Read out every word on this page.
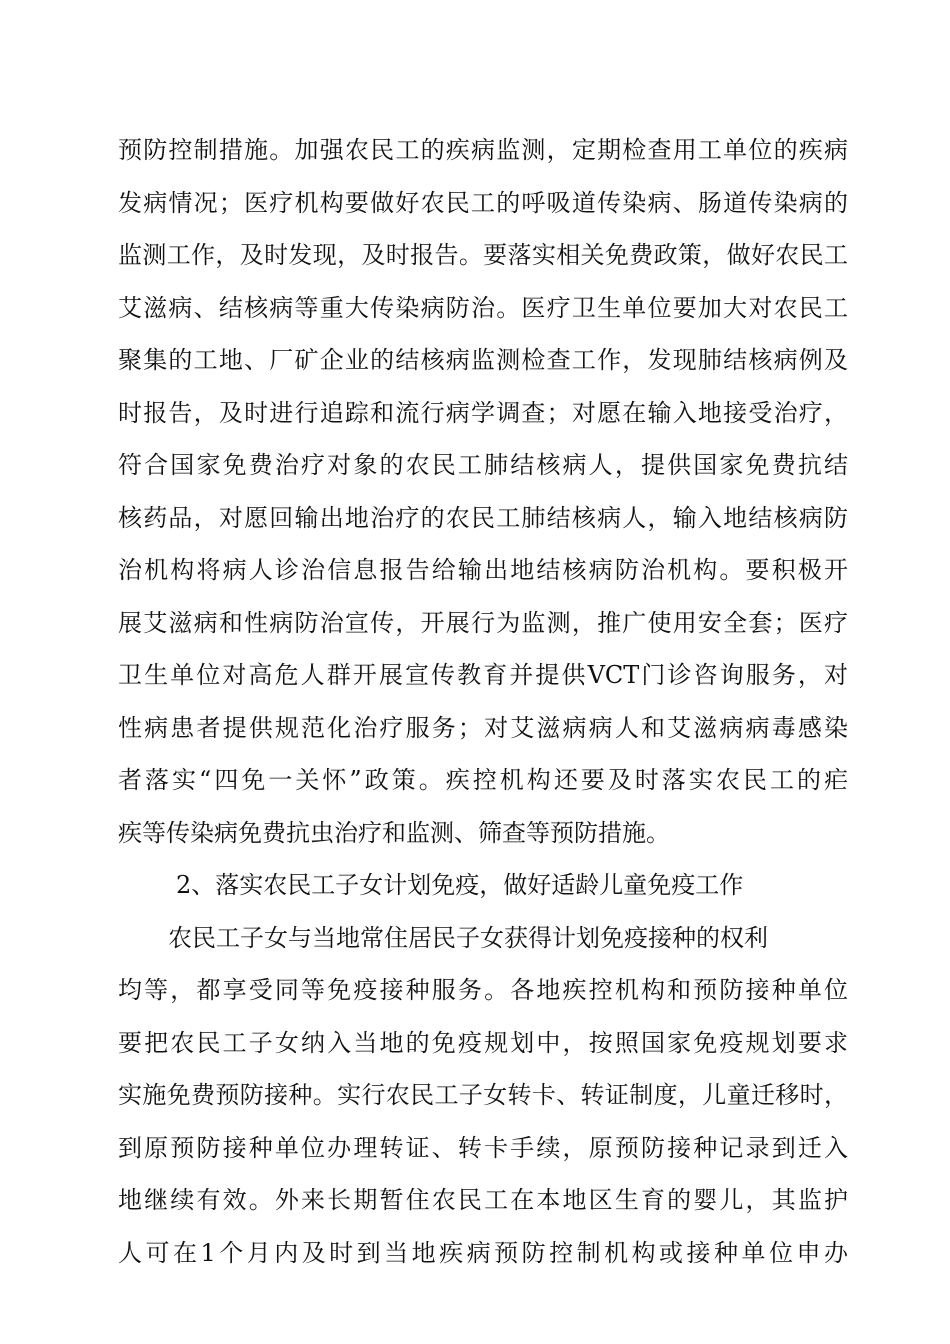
预防控制措施。加强农民工的疾病监测，定期检查用工单位的疾病
发病情况；医疗机构要做好农民工的呼吸道传染病、肠道传染病的
监测工作，及时发现，及时报告。要落实相关免费政策，做好农民工
艾滋病、结核病等重大传染病防治。医疗卫生单位要加大对农民工
聚集的工地、厂矿企业的结核病监测检查工作，发现肺结核病例及
时报告，及时进行追踪和流行病学调查；对愿在输入地接受治疗，
符合国家免费治疗对象的农民工肺结核病人，提供国家免费抗结
核药品，对愿回输出地治疗的农民工肺结核病人，输入地结核病防
治机构将病人诊治信息报告给输出地结核病防治机构。要积极开
展艾滋病和性病防治宣传，开展行为监测，推广使用安全套；医疗
卫生单位对高危人群开展宣传教育并提供VCT门诊咨询服务，对
性病患者提供规范化治疗服务；对艾滋病病人和艾滋病病毒感染
者落实“四免一关怀”政策。疾控机构还要及时落实农民工的疟
疾等传染病免费抗虫治疗和监测、筛查等预防措施。
2、落实农民工子女计划免疫，做好适龄儿童免疫工作
农民工子女与当地常住居民子女获得计划免疫接种的权利
均等，都享受同等免疫接种服务。各地疾控机构和预防接种单位
要把农民工子女纳入当地的免疫规划中，按照国家免疫规划要求
实施免费预防接种。实行农民工子女转卡、转证制度，儿童迁移时，
到原预防接种单位办理转证、转卡手续，原预防接种记录到迁入
地继续有效。外来长期暂住农民工在本地区生育的婴儿，其监护
人可在1个月内及时到当地疾病预防控制机构或接种单位申办
